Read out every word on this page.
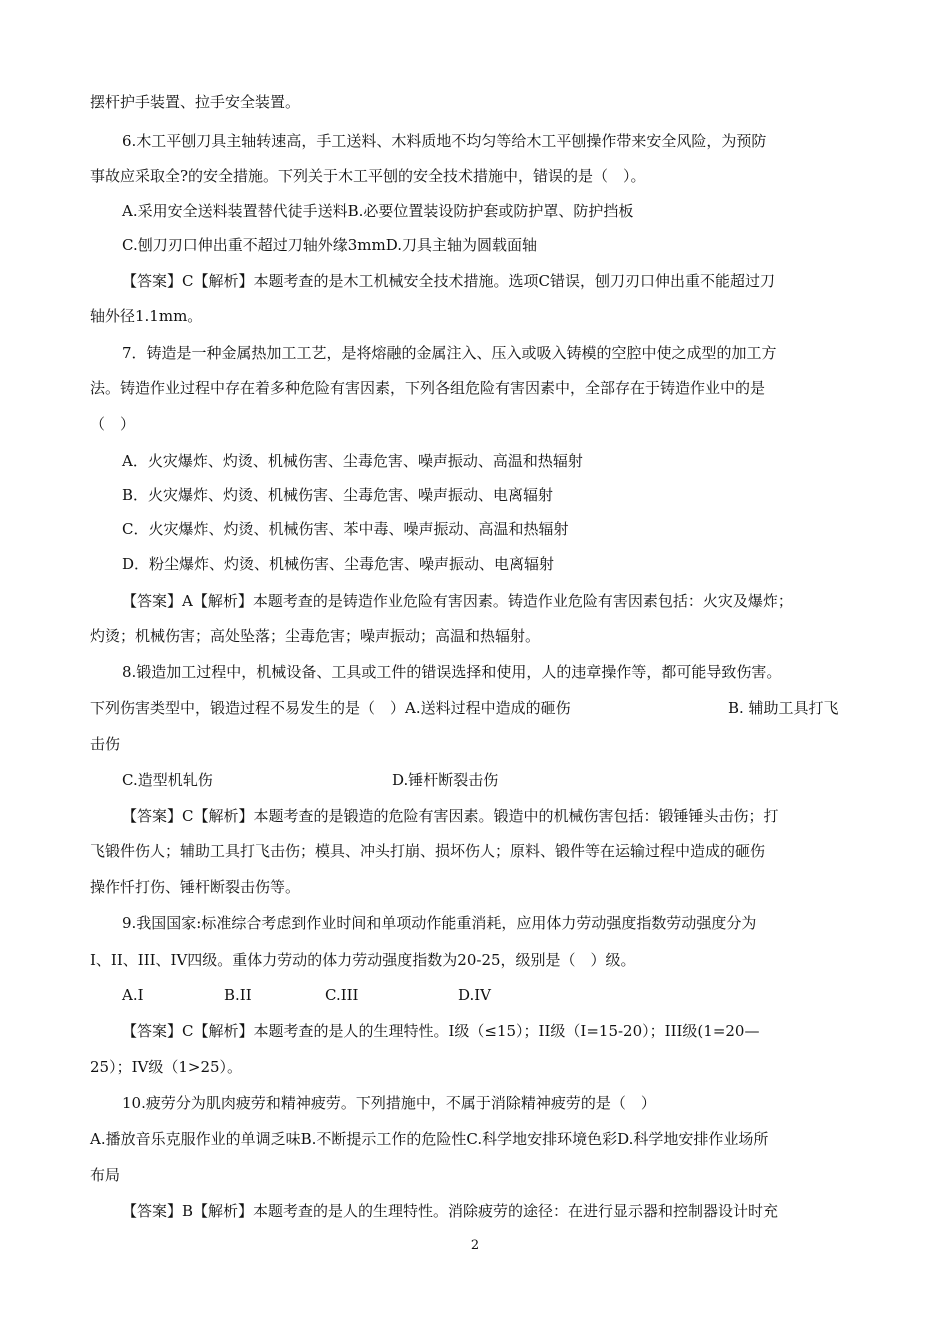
摆杆护手装置、拉手安全装置。
6.木工平刨刀具主轴转速高，手工送料、木料质地不均匀等给木工平刨操作带来安全风险，为预防
事故应采取全?的安全措施。下列关于木工平刨的安全技术措施中，错误的是（　）。
A.采用安全送料装置替代徒手送料B.必要位置装设防护套或防护罩、防护挡板
C.刨刀刃口伸出重不超过刀轴外缘3mmD.刀具主轴为圆载面轴
【答案】C【解析】本题考查的是木工机械安全技术措施。选项C错误，刨刀刃口伸出重不能超过刀
轴外径1.1mm。
7．铸造是一种金属热加工工艺，是将熔融的金属注入、压入或吸入铸模的空腔中使之成型的加工方
法。铸造作业过程中存在着多种危险有害因素，下列各组危险有害因素中，全部存在于铸造作业中的是
（　）
A．火灾爆炸、灼烫、机械伤害、尘毒危害、噪声振动、高温和热辐射
B．火灾爆炸、灼烫、机械伤害、尘毒危害、噪声振动、电离辐射
C．火灾爆炸、灼烫、机械伤害、苯中毒、噪声振动、高温和热辐射
D．粉尘爆炸、灼烫、机械伤害、尘毒危害、噪声振动、电离辐射
【答案】A【解析】本题考查的是铸造作业危险有害因素。铸造作业危险有害因素包括：火灾及爆炸；
灼烫；机械伤害；高处坠落；尘毒危害；噪声振动；高温和热辐射。
8.锻造加工过程中，机械设备、工具或工件的错误选择和使用，人的违章操作等，都可能导致伤害。
下列伤害类型中，锻造过程不易发生的是（　）A.送料过程中造成的砸伤	B. 辅助工具打飞
击伤
C.造型机轧伤	D.锤杆断裂击伤
【答案】C【解析】本题考查的是锻造的危险有害因素。锻造中的机械伤害包括：锻锤锤头击伤；打
飞锻件伤人；辅助工具打飞击伤；模具、冲头打崩、损坏伤人；原料、锻件等在运输过程中造成的砸伤
操作忏打伤、锤杆断裂击伤等。
9.我国国家:标准综合考虑到作业时间和单项动作能重消耗，应用体力劳动强度指数劳动强度分为
I、II、III、IV四级。重体力劳动的体力劳动强度指数为20-25，级别是（　）级。
A.I	B.II	C.III	D.IV
【答案】C【解析】本题考查的是人的生理特性。I级（≤15）；II级（I=15-20）；III级(1=20—
25）；IV级（1>25）。
10.疲劳分为肌肉疲劳和精神疲劳。下列措施中，不属于消除精神疲劳的是（　）
A.播放音乐克服作业的单调乏味B.不断提示工作的危险性C.科学地安排环境色彩D.科学地安排作业场所
布局
【答案】B【解析】本题考查的是人的生理特性。消除疲劳的途径：在进行显示器和控制器设计时充
2
